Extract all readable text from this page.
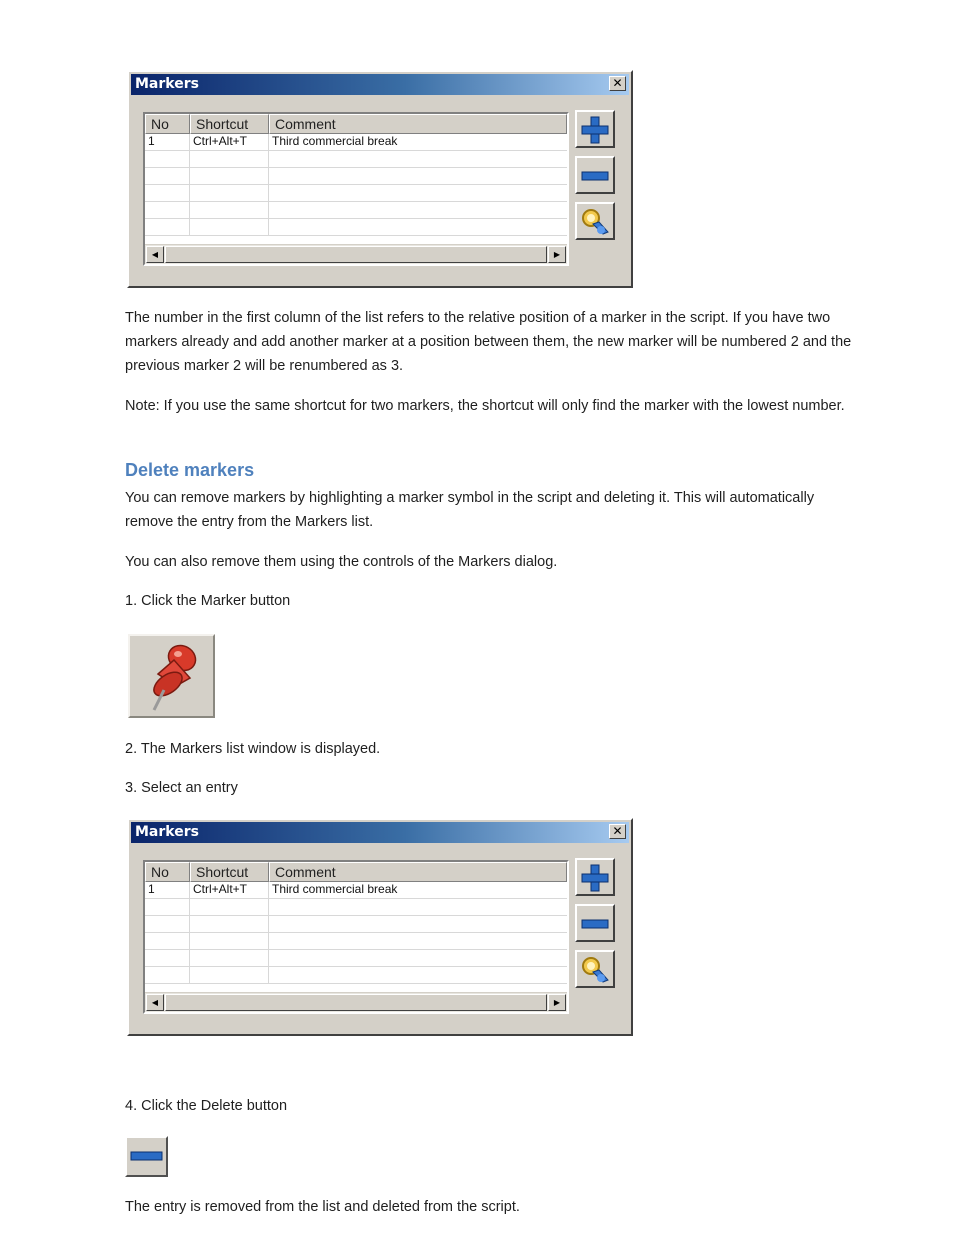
Markers	✕
No	Shortcut	Comment
1	Ctrl+Alt+T	Third commercial break
◀	▶

The number in the first column of the list refers to the relative position of a marker in the script. If you have two markers already and add another marker at a position between them, the new marker will be numbered 2 and the previous marker 2 will be renumbered as 3.

Note: If you use the same shortcut for two markers, the shortcut will only find the marker with the lowest number.

Delete markers

You can remove markers by highlighting a marker symbol in the script and deleting it. This will automatically remove the entry from the Markers list.

You can also remove them using the controls of the Markers dialog.

1. Click the Marker button

2. The Markers list window is displayed.

3. Select an entry

Markers	✕
No	Shortcut	Comment
1	Ctrl+Alt+T	Third commercial break
◀	▶

4. Click the Delete button

The entry is removed from the list and deleted from the script.
